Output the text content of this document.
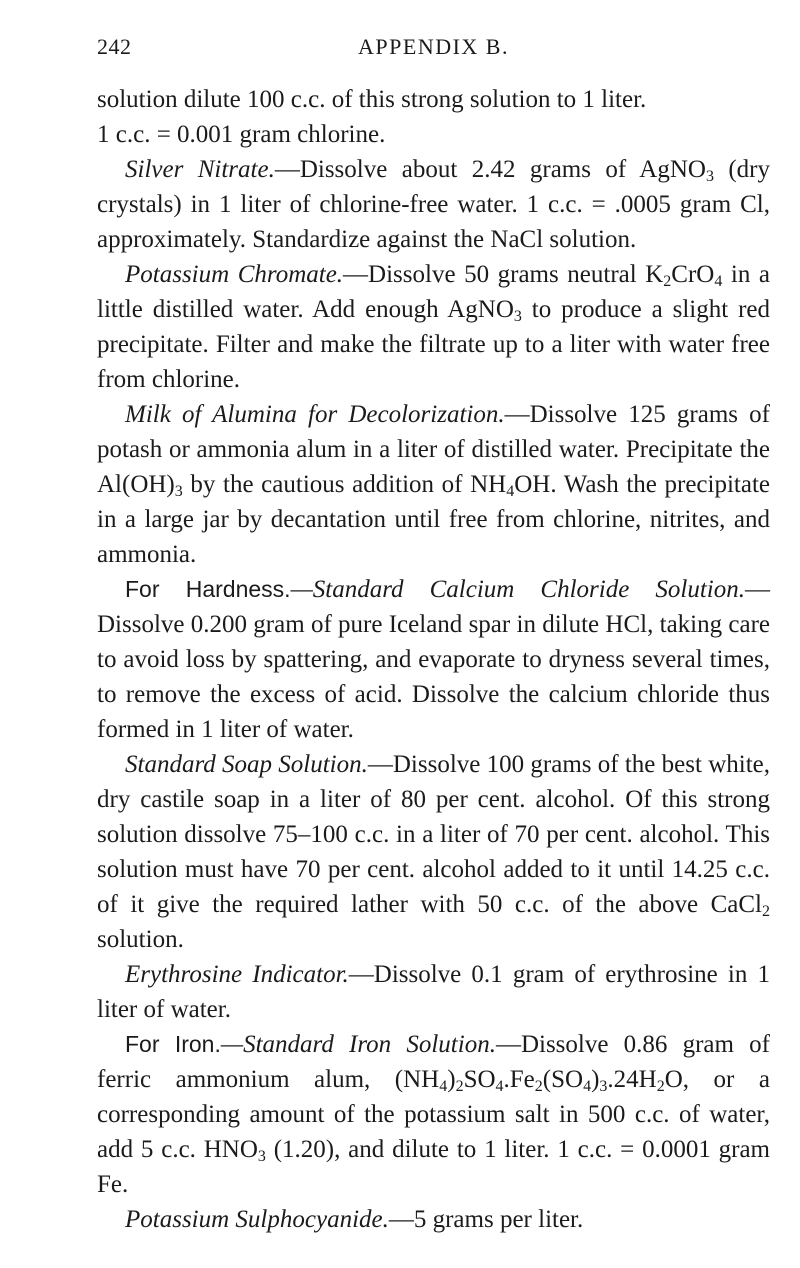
242	APPENDIX B.

solution dilute 100 c.c. of this strong solution to 1 liter.
1 c.c. = 0.001 gram chlorine.

Silver Nitrate.—Dissolve about 2.42 grams of AgNO$_3$ (dry crystals) in 1 liter of chlorine-free water. 1 c.c. = .0005 gram Cl, approximately. Standardize against the NaCl solution.

Potassium Chromate.—Dissolve 50 grams neutral $K_2CrO_4$ in a little distilled water. Add enough AgNO$_3$ to produce a slight red precipitate. Filter and make the filtrate up to a liter with water free from chlorine.

Milk of Alumina for Decolorization.—Dissolve 125 grams of potash or ammonia alum in a liter of distilled water. Precipitate the $Al(OH)_3$ by the cautious addition of $NH_4OH$. Wash the precipitate in a large jar by decantation until free from chlorine, nitrites, and ammonia.

For Hardness.—Standard Calcium Chloride Solution.— Dissolve 0.200 gram of pure Iceland spar in dilute HCl, taking care to avoid loss by spattering, and evaporate to dryness several times, to remove the excess of acid. Dissolve the calcium chloride thus formed in 1 liter of water.

Standard Soap Solution.—Dissolve 100 grams of the best white, dry castile soap in a liter of 80 per cent. alcohol. Of this strong solution dissolve 75–100 c.c. in a liter of 70 per cent. alcohol. This solution must have 70 per cent. alcohol added to it until 14.25 c.c. of it give the required lather with 50 c.c. of the above CaCl$_2$ solution.

Erythrosine Indicator.—Dissolve 0.1 gram of erythrosine in 1 liter of water.

For Iron.—Standard Iron Solution.—Dissolve 0.86 gram of ferric ammonium alum, $(NH_4)_2SO_4.Fe_2(SO_4)_3.24H_2O$, or a corresponding amount of the potassium salt in 500 c.c. of water, add 5 c.c. $HNO_3$ (1.20), and dilute to 1 liter. 1 c.c. = 0.0001 gram Fe.

Potassium Sulphocyanide.—5 grams per liter.
